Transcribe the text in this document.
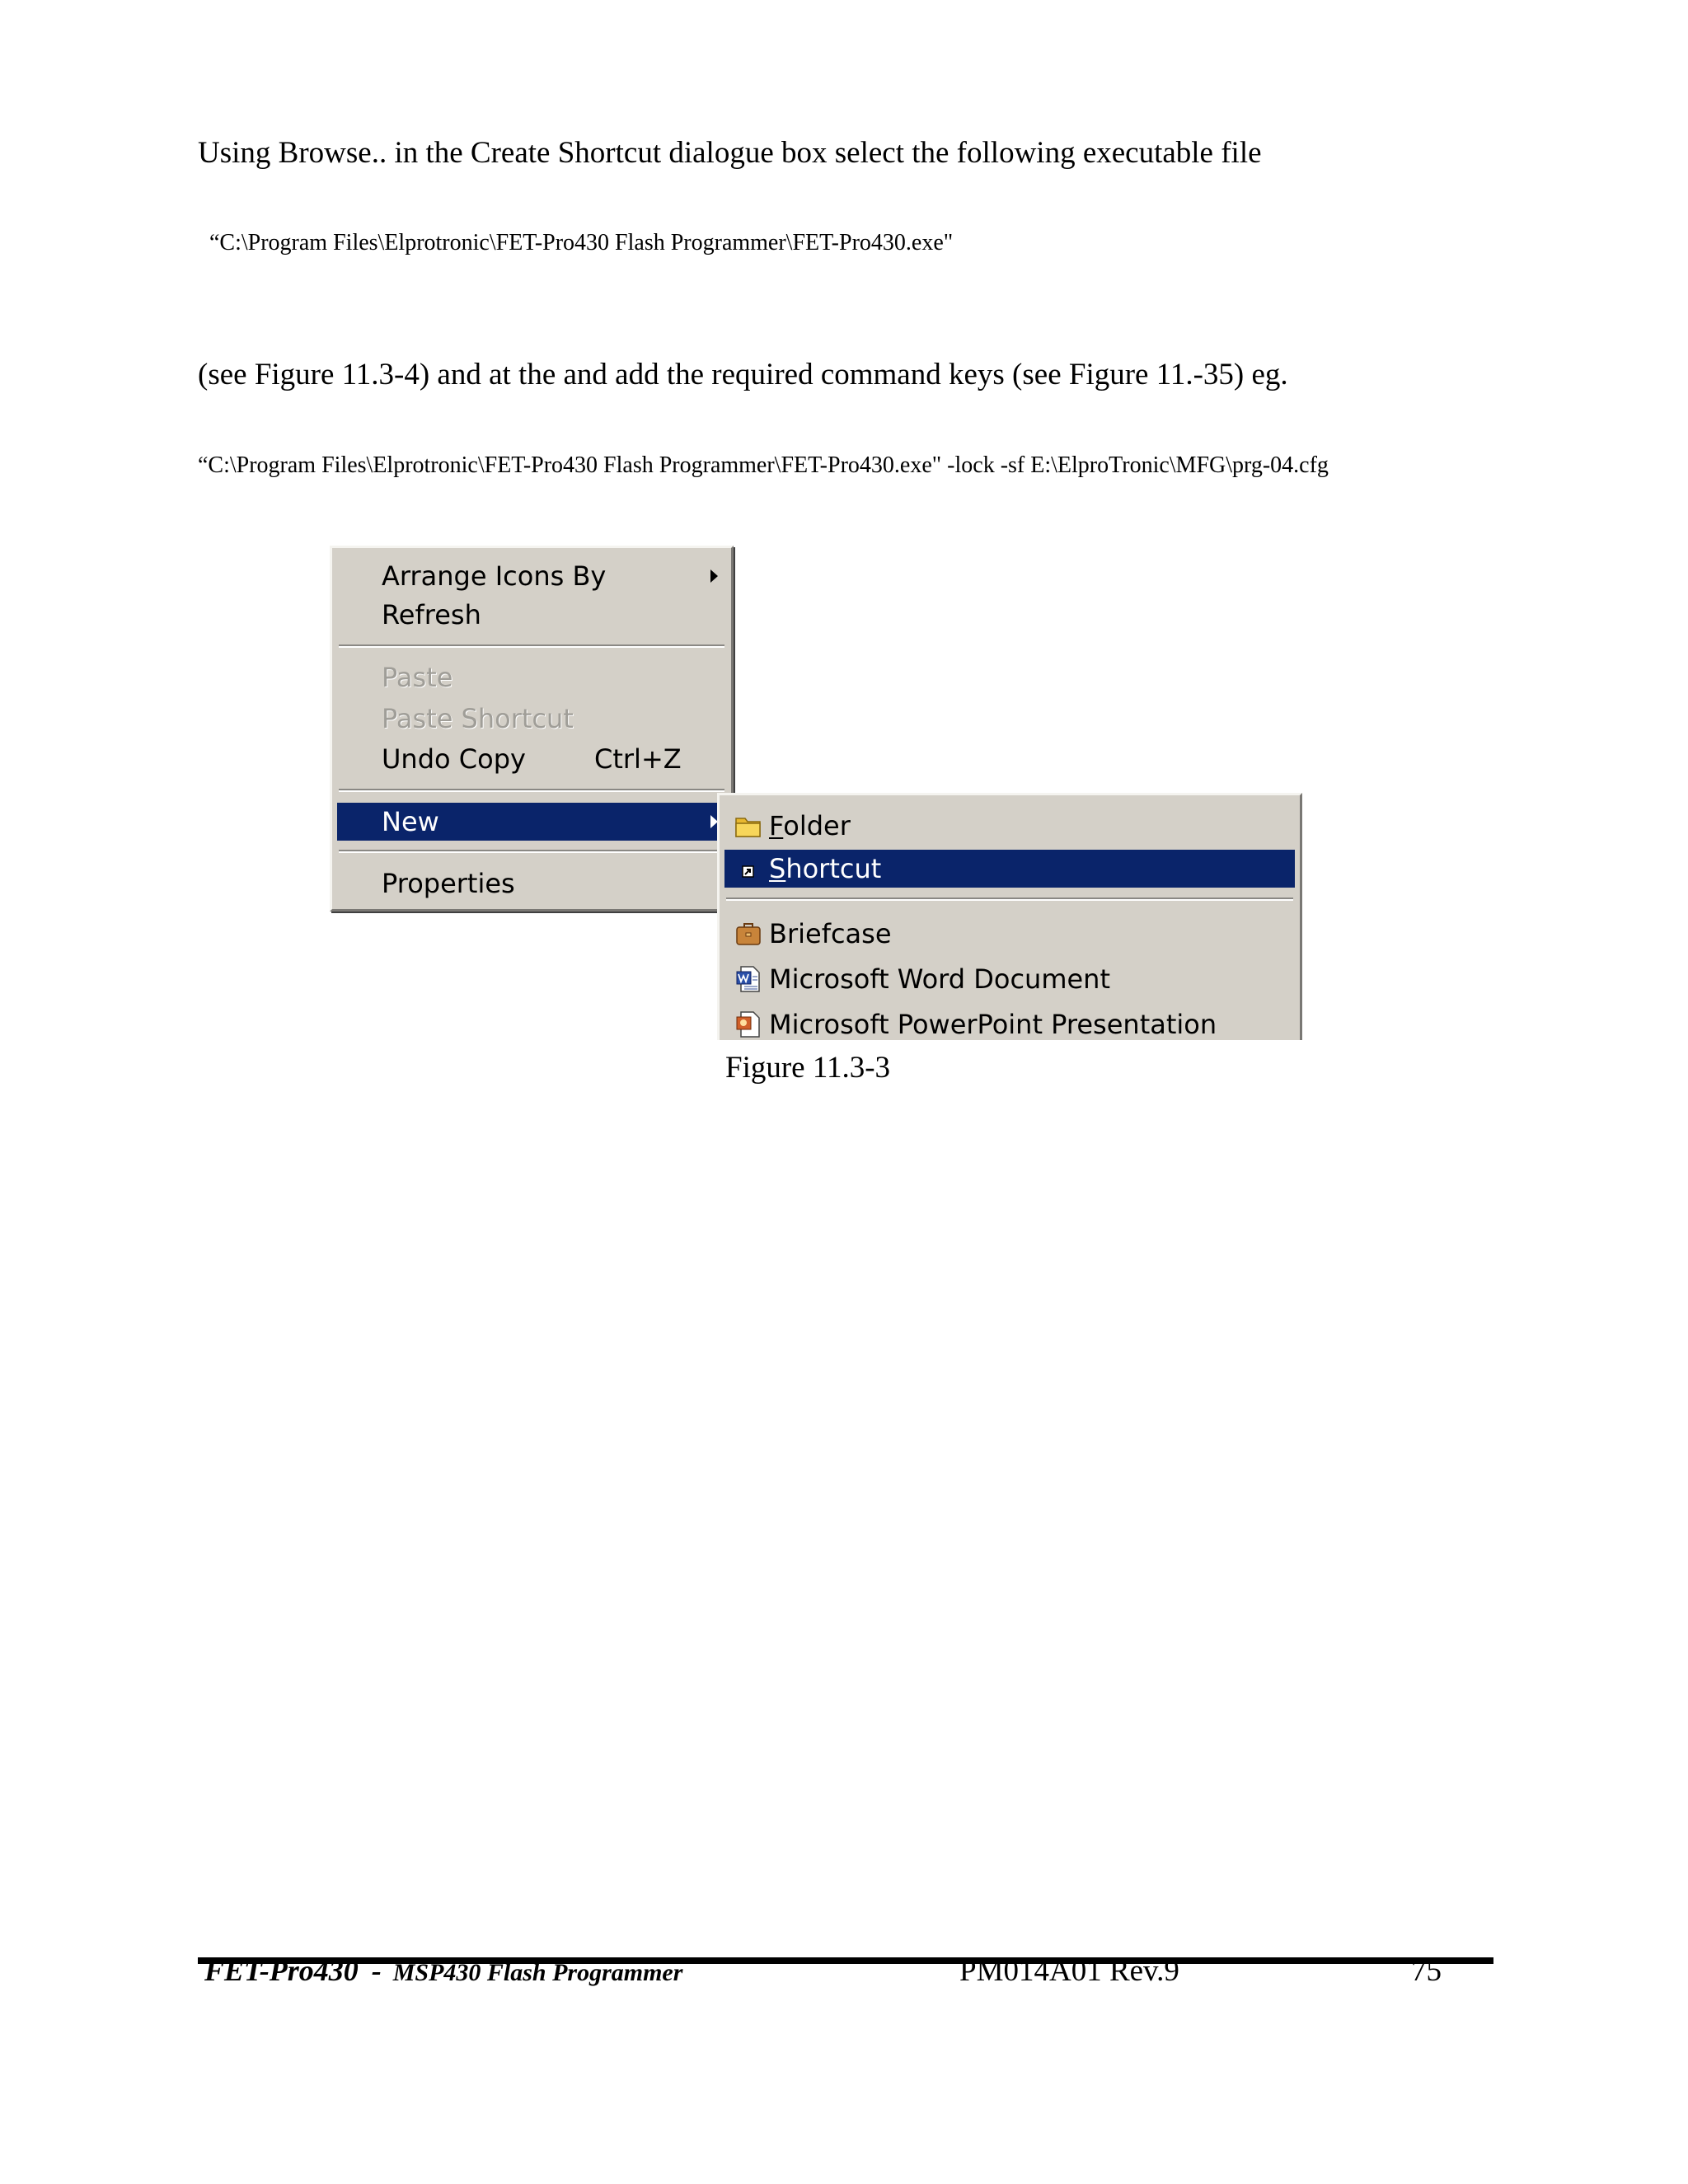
Using Browse.. in the Create Shortcut dialogue box select the following executable file
“C:\Program Files\Elprotronic\FET-Pro430 Flash Programmer\FET-Pro430.exe"
(see Figure 11.3-4) and at the and add the required command keys (see Figure 11.-35) eg.
“C:\Program Files\Elprotronic\FET-Pro430 Flash Programmer\FET-Pro430.exe" -lock -sf E:\ElproTronic\MFG\prg-04.cfg
Arrange Icons By
Refresh
Paste
Paste Shortcut
Undo Copy	Ctrl+Z
New
Properties
Folder
Shortcut
Briefcase
Microsoft Word Document
Microsoft PowerPoint Presentation
Figure 11.3-3
FET-Pro430 - MSP430 Flash Programmer	PM014A01 Rev.9	75
